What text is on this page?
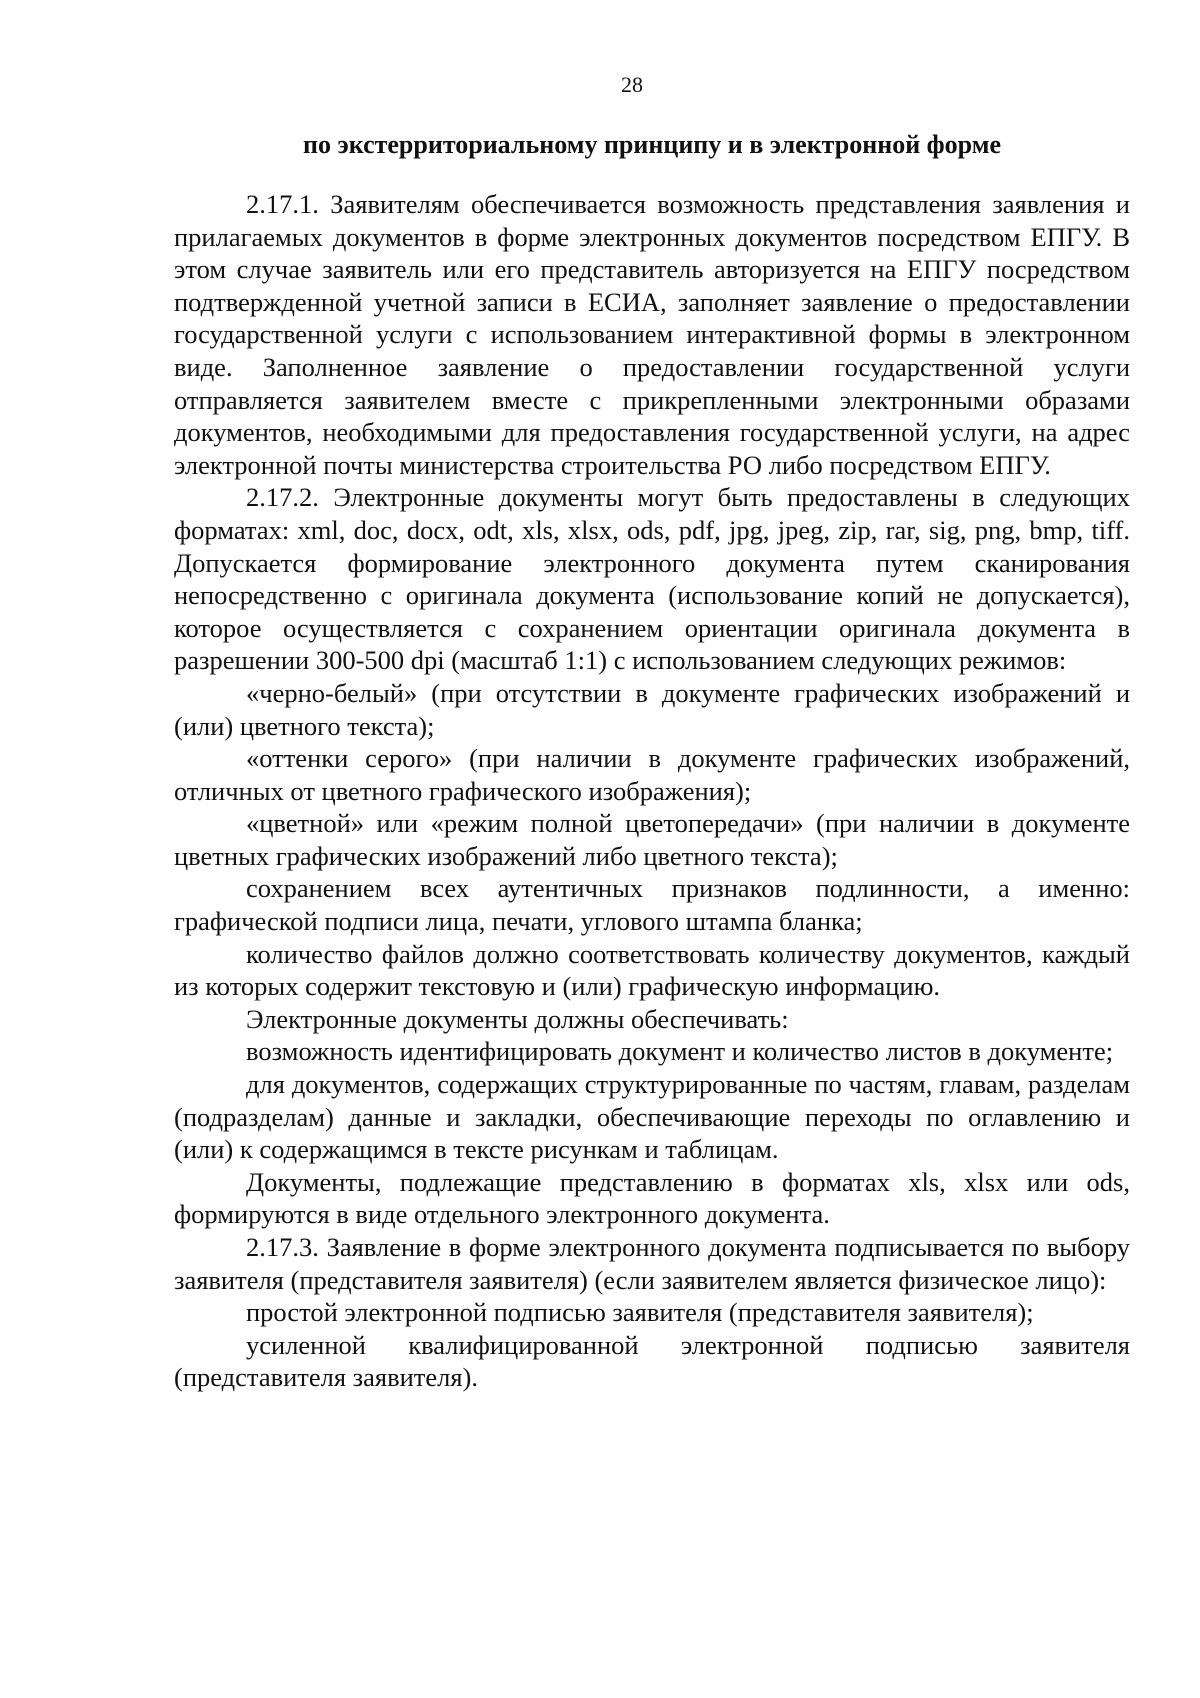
28
по экстерриториальному принципу и в электронной форме

2.17.1. Заявителям обеспечивается возможность представления заявления и прилагаемых документов в форме электронных документов посредством ЕПГУ. В этом случае заявитель или его представитель авторизуется на ЕПГУ посредством подтвержденной учетной записи в ЕСИА, заполняет заявление о предоставлении государственной услуги с использованием интерактивной формы в электронном виде. Заполненное заявление о предоставлении государственной услуги отправляется заявителем вместе с прикрепленными электронными образами документов, необходимыми для предоставления государственной услуги, на адрес электронной почты министерства строительства РО либо посредством ЕПГУ.

2.17.2. Электронные документы могут быть предоставлены в следующих форматах: xml, doc, docx, odt, xls, xlsx, ods, pdf, jpg, jpeg, zip, rar, sig, png, bmp, tiff. Допускается формирование электронного документа путем сканирования непосредственно с оригинала документа (использование копий не допускается), которое осуществляется с сохранением ориентации оригинала документа в разрешении 300-500 dpi (масштаб 1:1) с использованием следующих режимов:

«черно-белый» (при отсутствии в документе графических изображений и (или) цветного текста);

«оттенки серого» (при наличии в документе графических изображений, отличных от цветного графического изображения);

«цветной» или «режим полной цветопередачи» (при наличии в документе цветных графических изображений либо цветного текста);

сохранением всех аутентичных признаков подлинности, а именно: графической подписи лица, печати, углового штампа бланка;

количество файлов должно соответствовать количеству документов, каждый из которых содержит текстовую и (или) графическую информацию.

Электронные документы должны обеспечивать:

возможность идентифицировать документ и количество листов в документе;

для документов, содержащих структурированные по частям, главам, разделам (подразделам) данные и закладки, обеспечивающие переходы по оглавлению и (или) к содержащимся в тексте рисункам и таблицам.

Документы, подлежащие представлению в форматах xls, xlsx или ods, формируются в виде отдельного электронного документа.

2.17.3. Заявление в форме электронного документа подписывается по выбору заявителя (представителя заявителя) (если заявителем является физическое лицо):

простой электронной подписью заявителя (представителя заявителя);

усиленной квалифицированной электронной подписью заявителя (представителя заявителя).
